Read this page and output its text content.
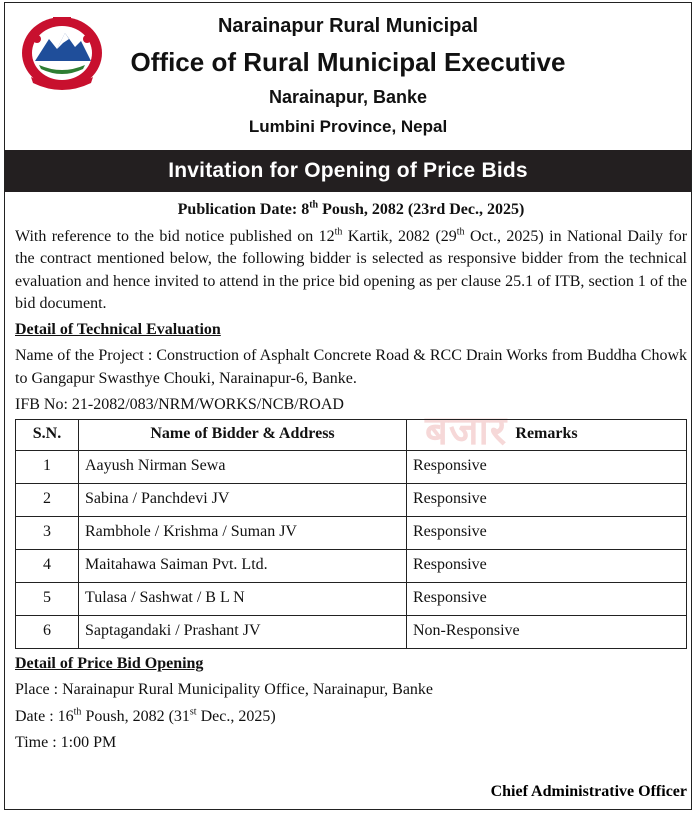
Narainapur Rural Municipal
Office of Rural Municipal Executive
Narainapur, Banke
Lumbini Province, Nepal
Invitation for Opening of Price Bids
बजार
Publication Date: 8th Poush, 2082 (23rd Dec., 2025)
With reference to the bid notice published on 12th Kartik, 2082 (29th Oct., 2025) in National Daily for the contract mentioned below, the following bidder is selected as responsive bidder from the technical evaluation and hence invited to attend in the price bid opening as per clause 25.1 of ITB, section 1 of the bid document.
Detail of Technical Evaluation
Name of the Project : Construction of Asphalt Concrete Road & RCC Drain Works from Buddha Chowk to Gangapur Swasthye Chouki, Narainapur-6, Banke.
IFB No: 21-2082/083/NRM/WORKS/NCB/ROAD
S.N.	Name of Bidder & Address	Remarks
1	Aayush Nirman Sewa	Responsive
2	Sabina / Panchdevi JV	Responsive
3	Rambhole / Krishma / Suman JV	Responsive
4	Maitahawa Saiman Pvt. Ltd.	Responsive
5	Tulasa / Sashwat / B L N	Responsive
6	Saptagandaki / Prashant JV	Non-Responsive
Detail of Price Bid Opening
Place : Narainapur Rural Municipality Office, Narainapur, Banke
Date : 16th Poush, 2082 (31st Dec., 2025)
Time : 1:00 PM
Chief Administrative Officer
